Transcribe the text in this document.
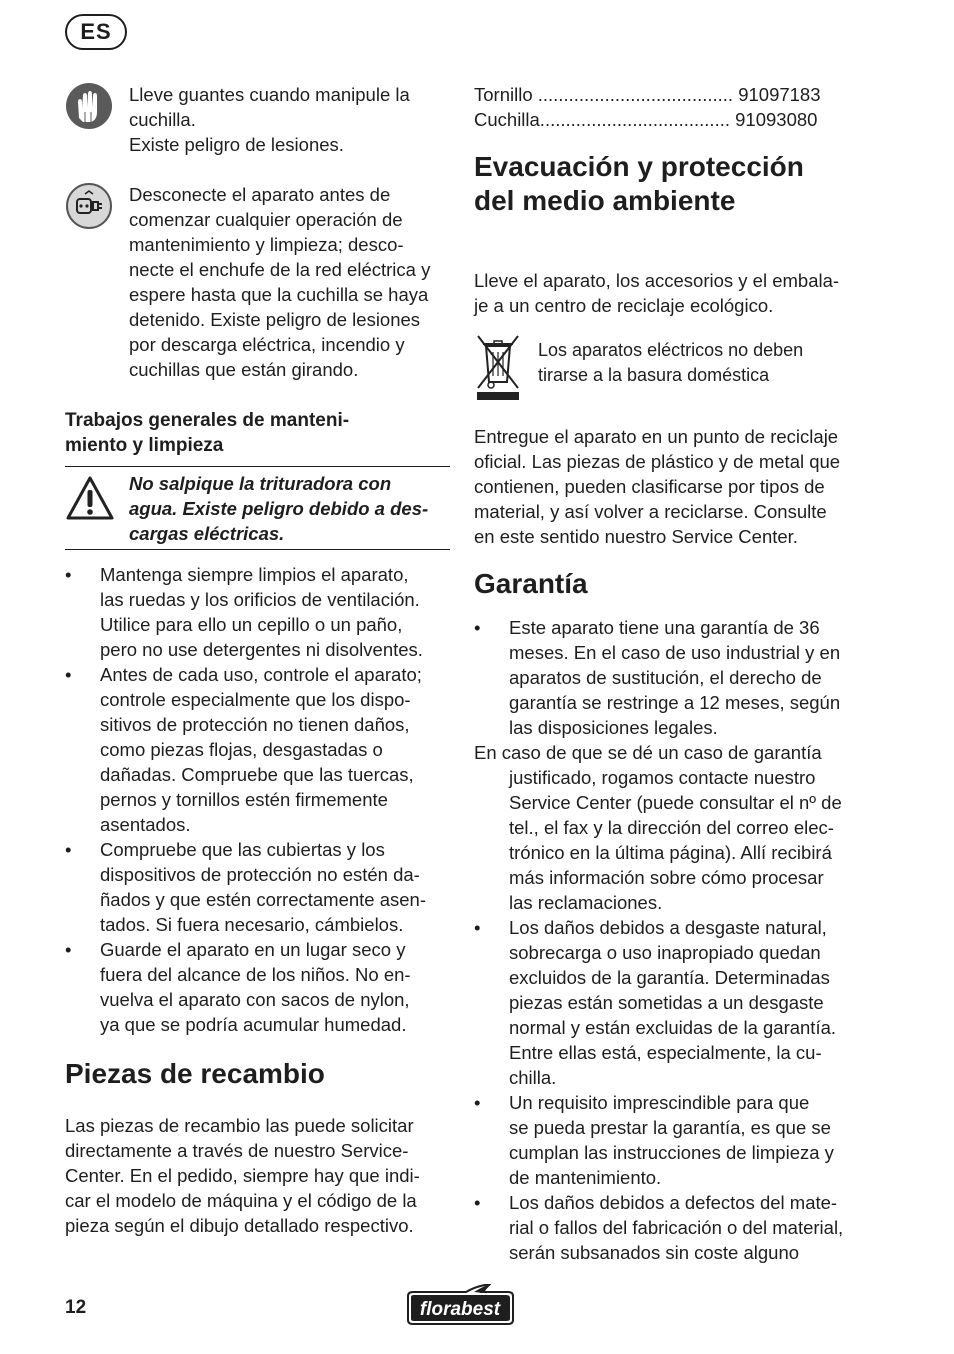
ES
Lleve guantes cuando manipule la
cuchilla.
Existe peligro de lesiones.
Desconecte el aparato antes de
comenzar cualquier operación de
mantenimiento y limpieza; desco-
necte el enchufe de la red eléctrica y
espere hasta que la cuchilla se haya
detenido. Existe peligro de lesiones
por descarga eléctrica, incendio y
cuchillas que están girando.
Trabajos generales de manteni-
miento y limpieza
No salpique la trituradora con
agua. Existe peligro debido a des-
cargas eléctricas.
• Mantenga siempre limpios el aparato,
las ruedas y los orificios de ventilación.
Utilice para ello un cepillo o un paño,
pero no use detergentes ni disolventes.
• Antes de cada uso, controle el aparato;
controle especialmente que los dispo-
sitivos de protección no tienen daños,
como piezas flojas, desgastadas o
dañadas. Compruebe que las tuercas,
pernos y tornillos estén firmemente
asentados.
• Compruebe que las cubiertas y los
dispositivos de protección no estén da-
ñados y que estén correctamente asen-
tados. Si fuera necesario, cámbielos.
• Guarde el aparato en un lugar seco y
fuera del alcance de los niños. No en-
vuelva el aparato con sacos de nylon,
ya que se podría acumular humedad.
Piezas de recambio
Las piezas de recambio las puede solicitar
directamente a través de nuestro Service-
Center. En el pedido, siempre hay que indi-
car el modelo de máquina y el código de la
pieza según el dibujo detallado respectivo.
Tornillo ...................................... 91097183
Cuchilla..................................... 91093080
Evacuación y protección
del medio ambiente
Lleve el aparato, los accesorios y el embala-
je a un centro de reciclaje ecológico.
Los aparatos eléctricos no deben
tirarse a la basura doméstica
Entregue el aparato en un punto de reciclaje
oficial. Las piezas de plástico y de metal que
contienen, pueden clasificarse por tipos de
material, y así volver a reciclarse. Consulte
en este sentido nuestro Service Center.
Garantía
• Este aparato tiene una garantía de 36
meses. En el caso de uso industrial y en
aparatos de sustitución, el derecho de
garantía se restringe a 12 meses, según
las disposiciones legales.
En caso de que se dé un caso de garantía
justificado, rogamos contacte nuestro
Service Center (puede consultar el nº de
tel., el fax y la dirección del correo elec-
trónico en la última página). Allí recibirá
más información sobre cómo procesar
las reclamaciones.
• Los daños debidos a desgaste natural,
sobrecarga o uso inapropiado quedan
excluidos de la garantía. Determinadas
piezas están sometidas a un desgaste
normal y están excluidas de la garantía.
Entre ellas está, especialmente, la cu-
chilla.
• Un requisito imprescindible para que
se pueda prestar la garantía, es que se
cumplan las instrucciones de limpieza y
de mantenimiento.
• Los daños debidos a defectos del mate-
rial o fallos del fabricación o del material,
serán subsanados sin coste alguno
12	florabest
